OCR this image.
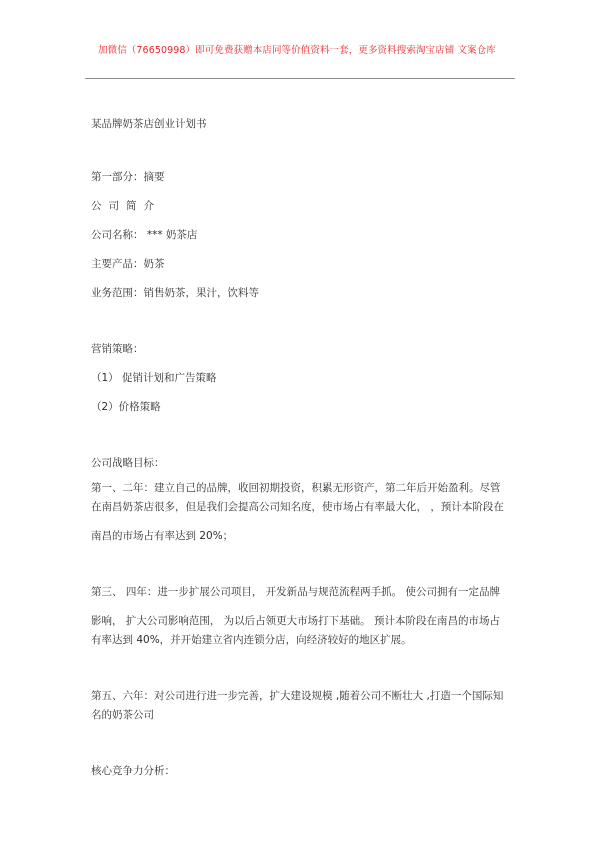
加微信（76650998）即可免费获赠本店同等价值资料一套，更多资料搜索淘宝店铺 文案仓库
某品牌奶茶店创业计划书
第一部分：摘要
公司简介
公司名称： *** 奶茶店
主要产品：奶茶
业务范围：销售奶茶，果汁，饮料等
营销策略：
（1） 促销计划和广告策略
（2）价格策略
公司战略目标：
第一、二年：建立自己的品牌，收回初期投资，积累无形资产，第二年后开始盈利。尽管
在南昌奶茶店很多，但是我们会提高公司知名度，使市场占有率最大化， ，预计本阶段在
南昌的市场占有率达到 20%；
第三、 四年：进一步扩展公司项目， 开发新品与规范流程两手抓。 使公司拥有一定品牌
影响， 扩大公司影响范围， 为以后占领更大市场打下基础。 预计本阶段在南昌的市场占
有率达到 40%，并开始建立省内连锁分店，向经济较好的地区扩展。
第五、六年：对公司进行进一步完善，扩大建设规模 ,随着公司不断壮大 ,打造一个国际知
名的奶茶公司
核心竞争力分析：
